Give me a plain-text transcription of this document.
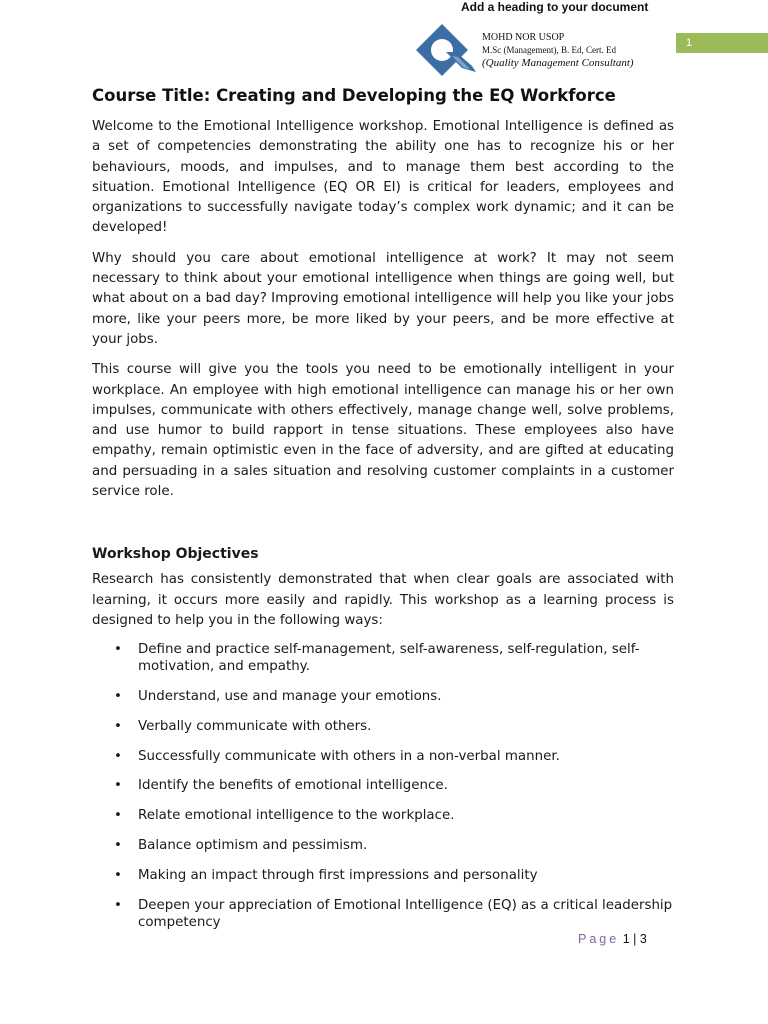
Add a heading to your document
MOHD NOR USOP
M.Sc (Management), B. Ed, Cert. Ed
(Quality Management Consultant)
1
Course Title: Creating and Developing the EQ Workforce

Welcome to the Emotional Intelligence workshop. Emotional Intelligence is defined as a set of competencies demonstrating the ability one has to recognize his or her behaviours, moods, and impulses, and to manage them best according to the situation. Emotional Intelligence (EQ OR EI) is critical for leaders, employees and organizations to successfully navigate today’s complex work dynamic; and it can be developed!

Why should you care about emotional intelligence at work? It may not seem necessary to think about your emotional intelligence when things are going well, but what about on a bad day? Improving emotional intelligence will help you like your jobs more, like your peers more, be more liked by your peers, and be more effective at your jobs.

This course will give you the tools you need to be emotionally intelligent in your workplace. An employee with high emotional intelligence can manage his or her own impulses, communicate with others effectively, manage change well, solve problems, and use humor to build rapport in tense situations. These employees also have empathy, remain optimistic even in the face of adversity, and are gifted at educating and persuading in a sales situation and resolving customer complaints in a customer service role.

Workshop Objectives

Research has consistently demonstrated that when clear goals are associated with learning, it occurs more easily and rapidly. This workshop as a learning process is designed to help you in the following ways:

• Define and practice self-management, self-awareness, self-regulation, self-motivation, and empathy.
• Understand, use and manage your emotions.
• Verbally communicate with others.
• Successfully communicate with others in a non-verbal manner.
• Identify the benefits of emotional intelligence.
• Relate emotional intelligence to the workplace.
• Balance optimism and pessimism.
• Making an impact through first impressions and personality
• Deepen your appreciation of Emotional Intelligence (EQ) as a critical leadership competency
Page 1 | 3
